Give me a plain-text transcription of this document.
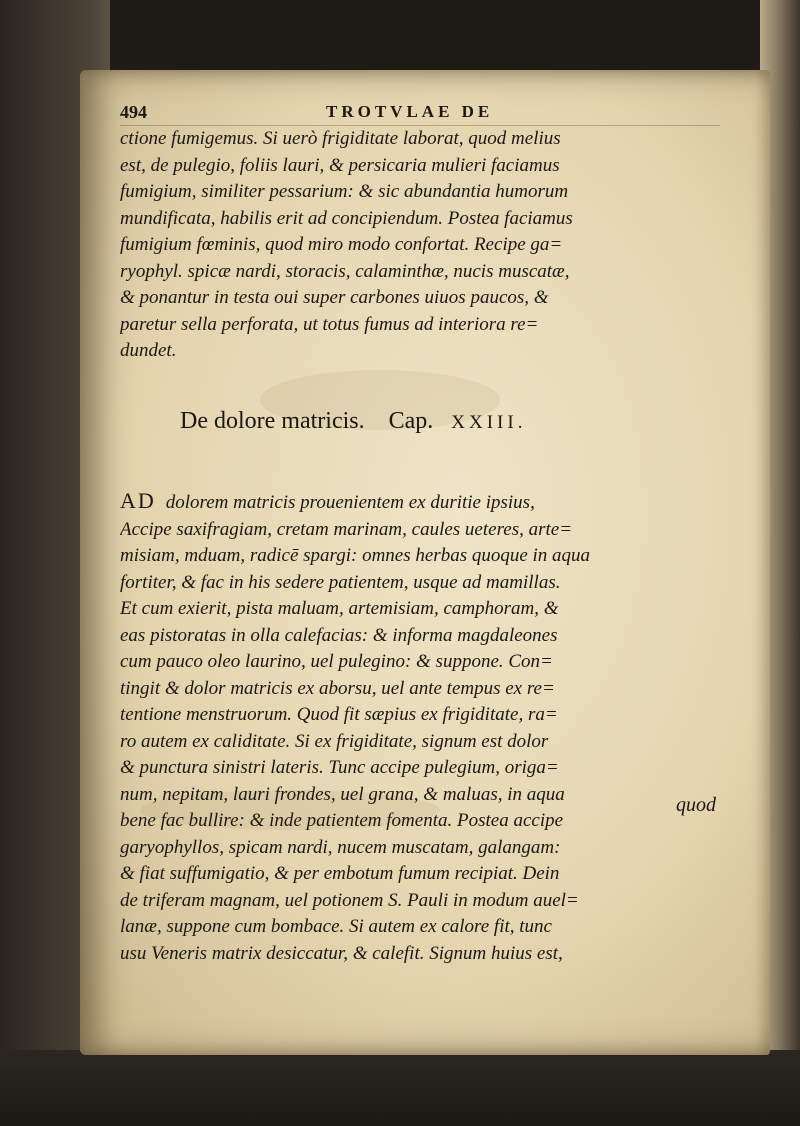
494	TROTVLAE DE
ctione fumigemus. Si uerò frigiditate laborat, quod melius
est, de pulegio, foliis lauri, & persicaria mulieri faciamus
fumigium, similiter pessarium: & sic abundantia humorum
mundificata, habilis erit ad concipiendum. Postea faciamus
fumigium fœminis, quod miro modo confortat. Recipe ga=
ryophyl. spicæ nardi, storacis, calaminthæ, nucis muscatæ,
& ponantur in testa oui super carbones uiuos paucos, &
paretur sella perforata, ut totus fumus ad interiora re=
dundet.
De dolore matricis. Cap. XXIII.
AD dolorem matricis prouenientem ex duritie ipsius,
Accipe saxifragiam, cretam marinam, caules ueteres, arte=
misiam, mduam, radicē spargi: omnes herbas quoque in aqua
fortiter, & fac in his sedere patientem, usque ad mamillas.
Et cum exierit, pista maluam, artemisiam, camphoram, &
eas pistoratas in olla calefacias: & informa magdaleones
cum pauco oleo laurino, uel pulegino: & suppone. Con=
tingit & dolor matricis ex aborsu, uel ante tempus ex re=
tentione menstruorum. Quod fit sæpius ex frigiditate, ra=
ro autem ex caliditate. Si ex frigiditate, signum est dolor
& punctura sinistri lateris. Tunc accipe pulegium, origa=
num, nepitam, lauri frondes, uel grana, & maluas, in aqua
bene fac bullire: & inde patientem fomenta. Postea accipe
garyophyllos, spicam nardi, nucem muscatam, galangam:
& fiat suffumigatio, & per embotum fumum recipiat. Dein
de triferam magnam, uel potionem S. Pauli in modum auel=
lanæ, suppone cum bombace. Si autem ex calore fit, tunc
usu Veneris matrix desiccatur, & calefit. Signum huius est,
quod
